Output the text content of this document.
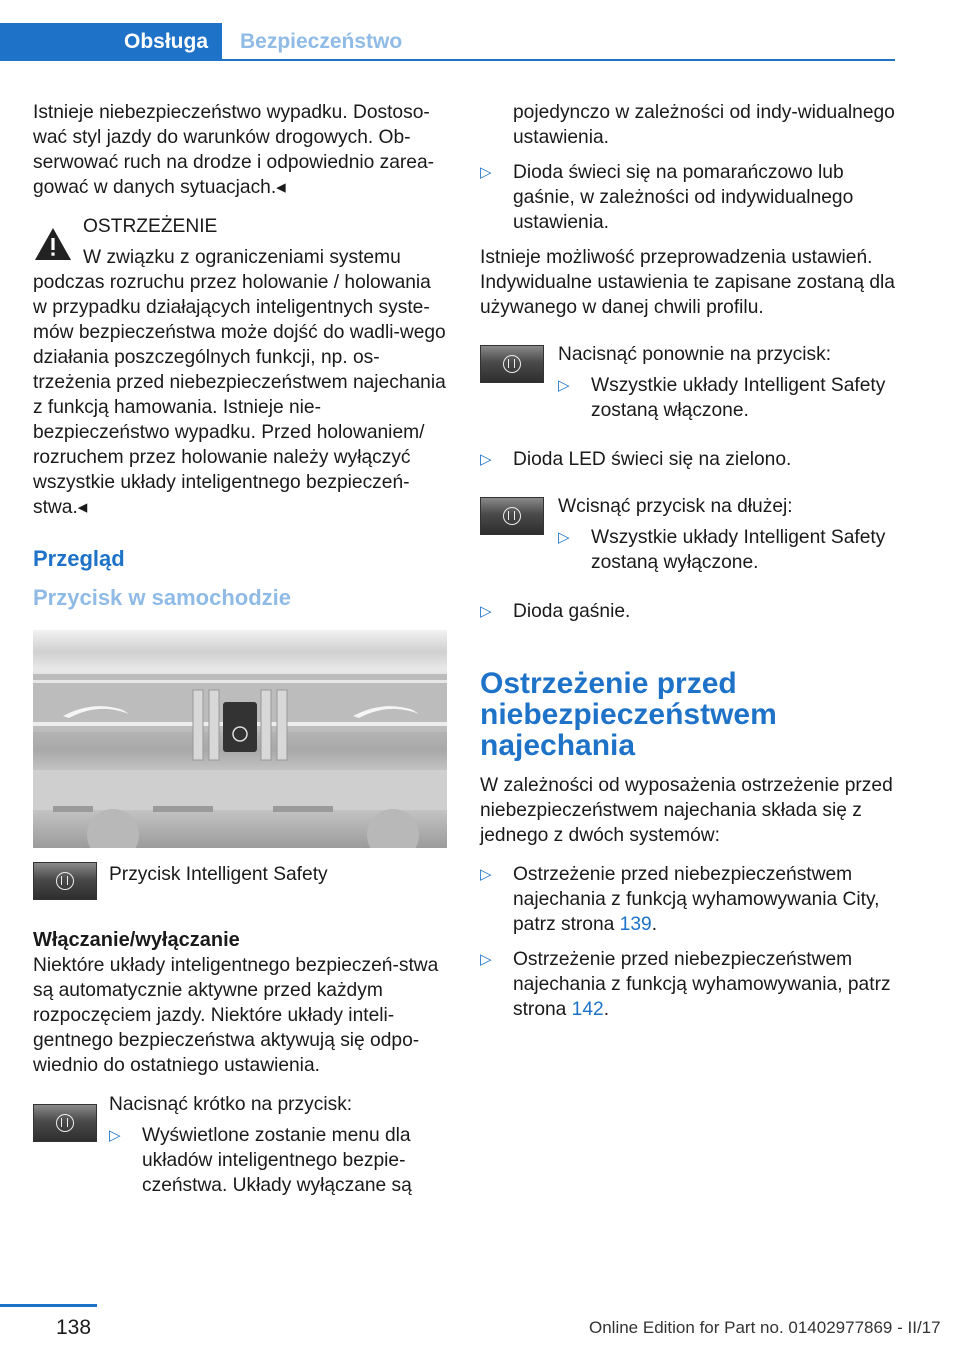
Obsługa	Bezpieczeństwo

Istnieje niebezpieczeństwo wypadku. Dostoso‐wać styl jazdy do warunków drogowych. Ob‐serwować ruch na drodze i odpowiednio zarea‐gować w danych sytuacjach.◂

OSTRZEŻENIE
W związku z ograniczeniami systemu
podczas rozruchu przez holowanie / holowania w przypadku działających inteligentnych syste‐mów bezpieczeństwa może dojść do wadli‐wego działania poszczególnych funkcji, np. os‐trzeżenia przed niebezpieczeństwem najechania z funkcją hamowania. Istnieje nie‐bezpieczeństwo wypadku. Przed holowaniem/ rozruchem przez holowanie należy wyłączyć wszystkie układy inteligentnego bezpieczeń‐stwa.◂
Przegląd
Przycisk w samochodzie
Przycisk Intelligent Safety
Włączanie/wyłączanie

Niektóre układy inteligentnego bezpieczeń‐stwa są automatycznie aktywne przed każdym rozpoczęciem jazdy. Niektóre układy inteli‐gentnego bezpieczeństwa aktywują się odpo‐wiednio do ostatniego ustawienia.

Nacisnąć krótko na przycisk:
▷	Wyświetlone zostanie menu dla układów inteligentnego bezpie‐czeństwa. Układy wyłączane są
pojedynczo w zależności od indy‐widualnego ustawienia.
▷	Dioda świeci się na pomarańczowo lub gaśnie, w zależności od indywidualnego ustawienia.

Istnieje możliwość przeprowadzenia ustawień. Indywidualne ustawienia te zapisane zostaną dla używanego w danej chwili profilu.

Nacisnąć ponownie na przycisk:
▷	Wszystkie układy Intelligent Safety zostaną włączone.
▷	Dioda LED świeci się na zielono.
Wcisnąć przycisk na dłużej:
▷	Wszystkie układy Intelligent Safety zostaną wyłączone.
▷	Dioda gaśnie.
Ostrzeżenie przed niebezpieczeństwem najechania

W zależności od wyposażenia ostrzeżenie przed niebezpieczeństwem najechania składa się z jednego z dwóch systemów:

▷	Ostrzeżenie przed niebezpieczeństwem najechania z funkcją wyhamowywania City, patrz strona 139.
▷	Ostrzeżenie przed niebezpieczeństwem najechania z funkcją wyhamowywania, patrz strona 142.
138	Online Edition for Part no. 01402977869 - II/17
